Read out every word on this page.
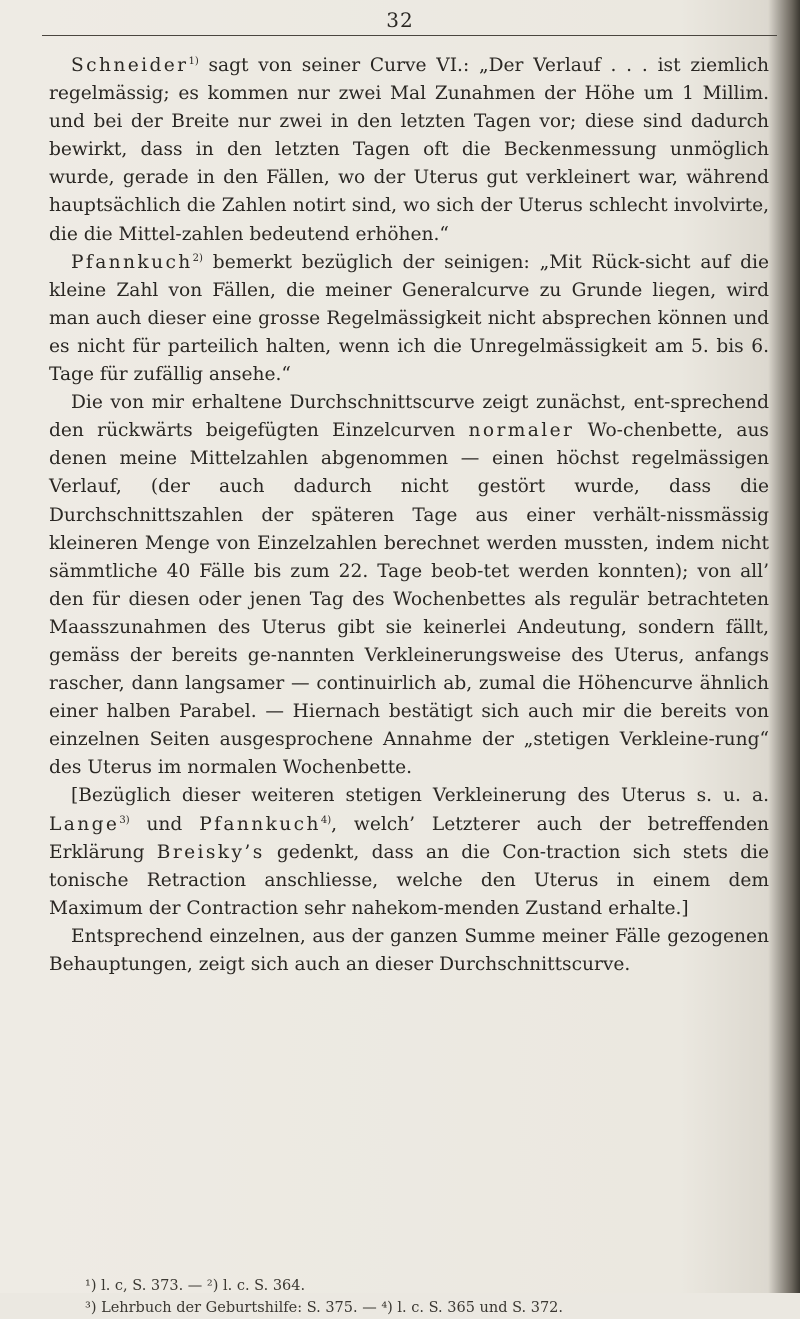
32

Schneider$^{1)}$ sagt von seiner Curve VI.: „Der Verlauf . . . ist ziemlich regelmässig; es kommen nur zwei Mal Zunahmen der Höhe um 1 Millim. und bei der Breite nur zwei in den letzten Tagen vor; diese sind dadurch bewirkt, dass in den letzten Tagen oft die Beckenmessung unmöglich wurde, gerade in den Fällen, wo der Uterus gut verkleinert war, während hauptsächlich die Zahlen notirt sind, wo sich der Uterus schlecht involvirte, die die Mittel-zahlen bedeutend erhöhen.“

Pfannkuch$^{2)}$ bemerkt bezüglich der seinigen: „Mit Rück-sicht auf die kleine Zahl von Fällen, die meiner Generalcurve zu Grunde liegen, wird man auch dieser eine grosse Regelmässigkeit nicht absprechen können und es nicht für parteilich halten, wenn ich die Unregelmässigkeit am 5. bis 6. Tage für zufällig ansehe.“

Die von mir erhaltene Durchschnittscurve zeigt zunächst, ent-sprechend den rückwärts beigefügten Einzelcurven normaler Wo-chenbette, aus denen meine Mittelzahlen abgenommen — einen höchst regelmässigen Verlauf, (der auch dadurch nicht gestört wurde, dass die Durchschnittszahlen der späteren Tage aus einer verhält-nissmässig kleineren Menge von Einzelzahlen berechnet werden mussten, indem nicht sämmtliche 40 Fälle bis zum 22. Tage beob-tet werden konnten); von all’ den für diesen oder jenen Tag des Wochenbettes als regulär betrachteten Maasszunahmen des Uterus gibt sie keinerlei Andeutung, sondern fällt, gemäss der bereits ge-nannten Verkleinerungsweise des Uterus, anfangs rascher, dann langsamer — continuirlich ab, zumal die Höhencurve ähnlich einer halben Parabel. — Hiernach bestätigt sich auch mir die bereits von einzelnen Seiten ausgesprochene Annahme der „stetigen Verkleine-rung“ des Uterus im normalen Wochenbette.

[Bezüglich dieser weiteren stetigen Verkleinerung des Uterus s. u. a. Lange$^{3)}$ und Pfannkuch$^{4)}$, welch’ Letzterer auch der betreffenden Erklärung Breisky’s gedenkt, dass an die Con-traction sich stets die tonische Retraction anschliesse, welche den Uterus in einem dem Maximum der Contraction sehr nahekom-menden Zustand erhalte.]

Entsprechend einzelnen, aus der ganzen Summe meiner Fälle gezogenen Behauptungen, zeigt sich auch an dieser Durchschnittscurve.

¹) l. c, S. 373. — ²) l. c. S. 364.

³) Lehrbuch der Geburtshilfe: S. 375. — ⁴) l. c. S. 365 und S. 372.
